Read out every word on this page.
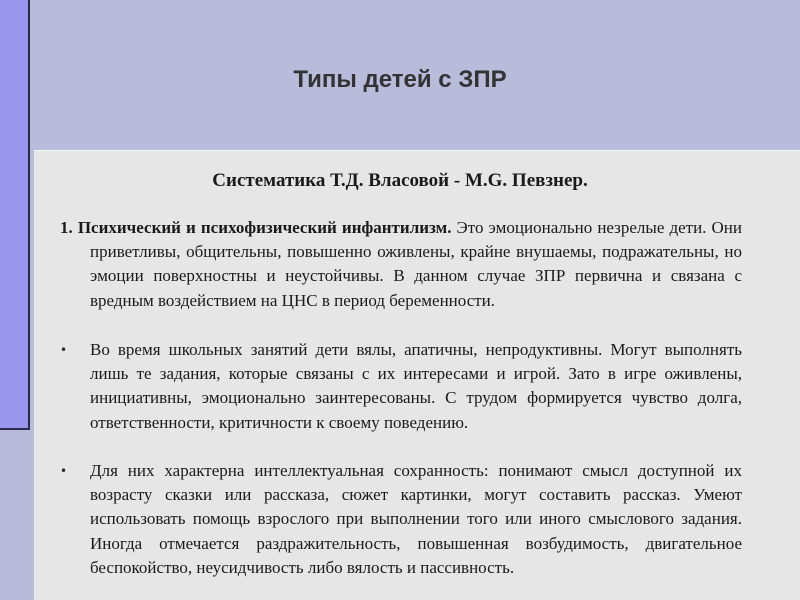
Типы детей с ЗПР
Систематика Т.Д. Власовой - M.G. Певзнер.
1. Психический и психофизический инфантилизм. Это эмоционально незрелые дети. Они приветливы, общительны, повышенно оживлены, крайне внушаемы, подражательны, но эмоции поверхностны и неустойчивы. В данном случае ЗПР первична и связана с вредным воздействием на ЦНС в период беременности.
•	Во время школьных занятий дети вялы, апатичны, непродуктивны. Могут выполнять лишь те задания, которые связаны с их интересами и игрой. Зато в игре оживлены, инициативны, эмоционально заинтересованы. С трудом формируется чувство долга, ответственности, критичности к своему поведению.
•	Для них характерна интеллектуальная сохранность: понимают смысл доступной их возрасту сказки или рассказа, сюжет картинки, могут составить рассказ. Умеют использовать помощь взрослого при выполнении того или иного смыслового задания. Иногда отмечается раздражительность, повышенная возбудимость, двигательное беспокойство, неусидчивость либо вялость и пассивность.
